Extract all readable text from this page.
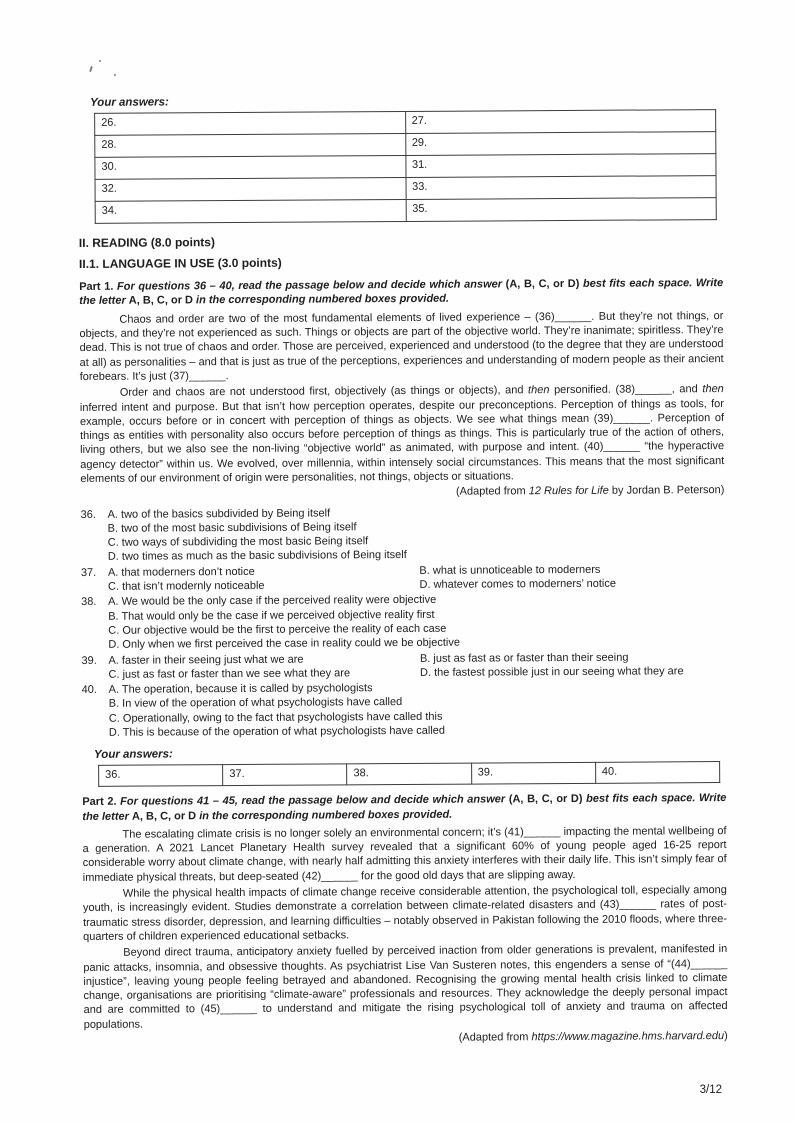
Your answers:

26.	27.
28.	29.
30.	31.
32.	33.
34.	35.
II. READING (8.0 points)
II.1. LANGUAGE IN USE (3.0 points)

Part 1. For questions 36 – 40, read the passage below and decide which answer (A, B, C, or D) best fits each space. Write the letter A, B, C, or D in the corresponding numbered boxes provided.

Chaos and order are two of the most fundamental elements of lived experience – (36)______. But they’re not things, or objects, and they’re not experienced as such. Things or objects are part of the objective world. They’re inanimate; spiritless. They’re dead. This is not true of chaos and order. Those are perceived, experienced and understood (to the degree that they are understood at all) as personalities – and that is just as true of the perceptions, experiences and understanding of modern people as their ancient forebears. It’s just (37)______.

Order and chaos are not understood first, objectively (as things or objects), and then personified. (38)______, and then inferred intent and purpose. But that isn’t how perception operates, despite our preconceptions. Perception of things as tools, for example, occurs before or in concert with perception of things as objects. We see what things mean (39)______. Perception of things as entities with personality also occurs before perception of things as things. This is particularly true of the action of others, living others, but we also see the non-living “objective world” as animated, with purpose and intent. (40)______ “the hyperactive agency detector” within us. We evolved, over millennia, within intensely social circumstances. This means that the most significant elements of our environment of origin were personalities, not things, objects or situations.

(Adapted from 12 Rules for Life by Jordan B. Peterson)

36.	A. two of the basics subdivided by Being itself
B. two of the most basic subdivisions of Being itself
C. two ways of subdividing the most basic Being itself
D. two times as much as the basic subdivisions of Being itself
37.	A. that moderners don’t notice	B. what is unnoticeable to moderners
C. that isn’t modernly noticeable	D. whatever comes to moderners’ notice
38.	A. We would be the only case if the perceived reality were objective
B. That would only be the case if we perceived objective reality first
C. Our objective would be the first to perceive the reality of each case
D. Only when we first perceived the case in reality could we be objective
39.	A. faster in their seeing just what we are	B. just as fast as or faster than their seeing
C. just as fast or faster than we see what they are	D. the fastest possible just in our seeing what they are
40.	A. The operation, because it is called by psychologists
B. In view of the operation of what psychologists have called
C. Operationally, owing to the fact that psychologists have called this
D. This is because of the operation of what psychologists have called

Your answers:

36.	37.	38.	39.	40.

Part 2. For questions 41 – 45, read the passage below and decide which answer (A, B, C, or D) best fits each space. Write the letter A, B, C, or D in the corresponding numbered boxes provided.

The escalating climate crisis is no longer solely an environmental concern; it’s (41)______ impacting the mental wellbeing of a generation. A 2021 Lancet Planetary Health survey revealed that a significant 60% of young people aged 16-25 report considerable worry about climate change, with nearly half admitting this anxiety interferes with their daily life. This isn’t simply fear of immediate physical threats, but deep-seated (42)______ for the good old days that are slipping away.

While the physical health impacts of climate change receive considerable attention, the psychological toll, especially among youth, is increasingly evident. Studies demonstrate a correlation between climate-related disasters and (43)______ rates of post-traumatic stress disorder, depression, and learning difficulties – notably observed in Pakistan following the 2010 floods, where three-quarters of children experienced educational setbacks.

Beyond direct trauma, anticipatory anxiety fuelled by perceived inaction from older generations is prevalent, manifested in panic attacks, insomnia, and obsessive thoughts. As psychiatrist Lise Van Susteren notes, this engenders a sense of “(44)______ injustice”, leaving young people feeling betrayed and abandoned. Recognising the growing mental health crisis linked to climate change, organisations are prioritising “climate-aware” professionals and resources. They acknowledge the deeply personal impact and are committed to (45)______ to understand and mitigate the rising psychological toll of anxiety and trauma on affected populations.

(Adapted from https://www.magazine.hms.harvard.edu)

3/12
